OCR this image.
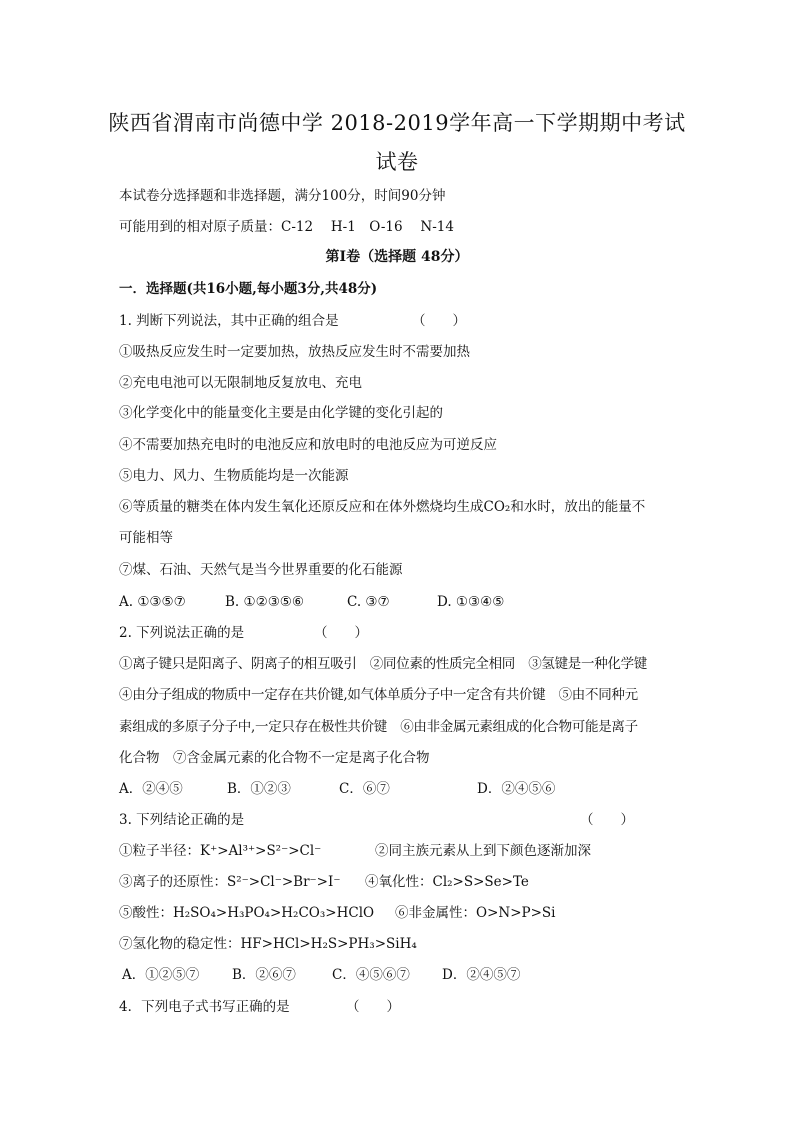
陕西省渭南市尚德中学 2018-2019学年高一下学期期中考试
试卷
本试卷分选择题和非选择题，满分100分，时间90分钟
可能用到的相对原子质量：C-12　 H-1　O-16　 N-14
第Ⅰ卷（选择题 48分）
一．选择题(共16小题,每小题3分,共48分)
1. 判断下列说法，其中正确的组合是	（　　）
①吸热反应发生时一定要加热，放热反应发生时不需要加热
②充电电池可以无限制地反复放电、充电
③化学变化中的能量变化主要是由化学键的变化引起的
④不需要加热充电时的电池反应和放电时的电池反应为可逆反应
⑤电力、风力、生物质能均是一次能源
⑥等质量的糖类在体内发生氧化还原反应和在体外燃烧均生成CO₂和水时，放出的能量不
可能相等
⑦煤、石油、天然气是当今世界重要的化石能源
A. ①③⑤⑦	B. ①②③⑤⑥	C. ③⑦	D. ①③④⑤
2. 下列说法正确的是	（　　）
①离子键只是阳离子、阴离子的相互吸引　②同位素的性质完全相同　③氢键是一种化学键
④由分子组成的物质中一定存在共价键,如气体单质分子中一定含有共价键　⑤由不同种元
素组成的多原子分子中,一定只存在极性共价键　⑥由非金属元素组成的化合物可能是离子
化合物　⑦含金属元素的化合物不一定是离子化合物
A．②④⑤	B．①②③	C．⑥⑦	D．②④⑤⑥
3. 下列结论正确的是	（　　）
①粒子半径：K⁺>Al³⁺>S²⁻>Cl⁻	②同主族元素从上到下颜色逐渐加深
③离子的还原性：S²⁻>Cl⁻>Br⁻>I⁻ ④氧化性：Cl₂>S>Se>Te
⑤酸性：H₂SO₄>H₃PO₄>H₂CO₃>HClO ⑥非金属性：O>N>P>Si
⑦氢化物的稳定性：HF>HCl>H₂S>PH₃>SiH₄
A．①②⑤⑦ B．②⑥⑦	C．④⑤⑥⑦ D．②④⑤⑦
4．下列电子式书写正确的是	（　　）
